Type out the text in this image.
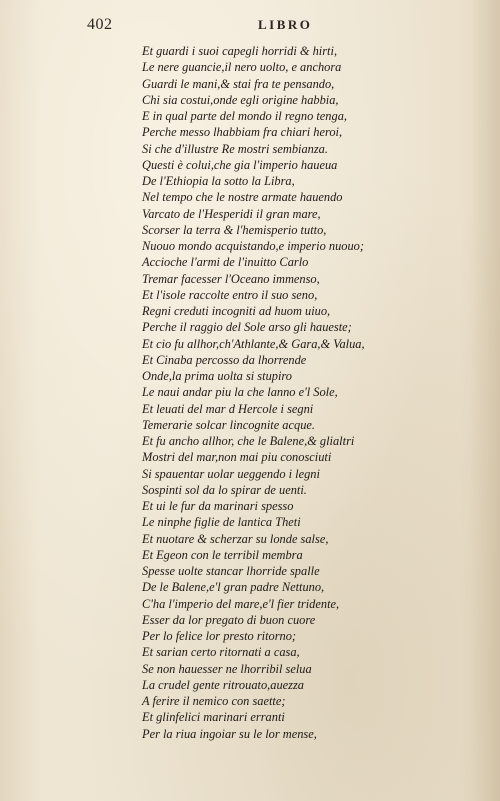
402	LIBRO
Et guardi i suoi capegli horridi & hirti,
Le nere guancie,il nero uolto, e anchora
Guardi le mani,& stai fra te pensando,
Chi sia costui,onde egli origine habbia,
E in qual parte del mondo il regno tenga,
Perche messo lhabbiam fra chiari heroi,
Si che d'illustre Re mostri sembianza.
Questi è colui,che gia l'imperio haueua
De l'Ethiopia la sotto la Libra,
Nel tempo che le nostre armate hauendo
Varcato de l'Hesperidi il gran mare,
Scorser la terra & l'hemisperio tutto,
Nuouo mondo acquistando,e imperio nuouo;
Accioche l'armi de l'inuitto Carlo
Tremar facesser l'Oceano immenso,
Et l'isole raccolte entro il suo seno,
Regni creduti incogniti ad huom uiuo,
Perche il raggio del Sole arso gli haueste;
Et cio fu allhor,ch'Athlante,& Gara,& Valua,
Et Cinaba percosso da lhorrende
Onde,la prima uolta si stupiro
Le naui andar piu la che lanno e'l Sole,
Et leuati del mar d Hercole i segni
Temerarie solcar lincognite acque.
Et fu ancho allhor, che le Balene,& glialtri
Mostri del mar,non mai piu conosciuti
Si spauentar uolar ueggendo i legni
Sospinti sol da lo spirar de uenti.
Et ui le fur da marinari spesso
Le ninphe figlie de lantica Theti
Et nuotare & scherzar su londe salse,
Et Egeon con le terribil membra
Spesse uolte stancar lhorride spalle
De le Balene,e'l gran padre Nettuno,
C'ha l'imperio del mare,e'l fier tridente,
Esser da lor pregato di buon cuore
Per lo felice lor presto ritorno;
Et sarian certo ritornati a casa,
Se non hauesser ne lhorribil selua
La crudel gente ritrouato,auezza
A ferire il nemico con saette;
Et glinfelici marinari erranti
Per la riua ingoiar su le lor mense,
